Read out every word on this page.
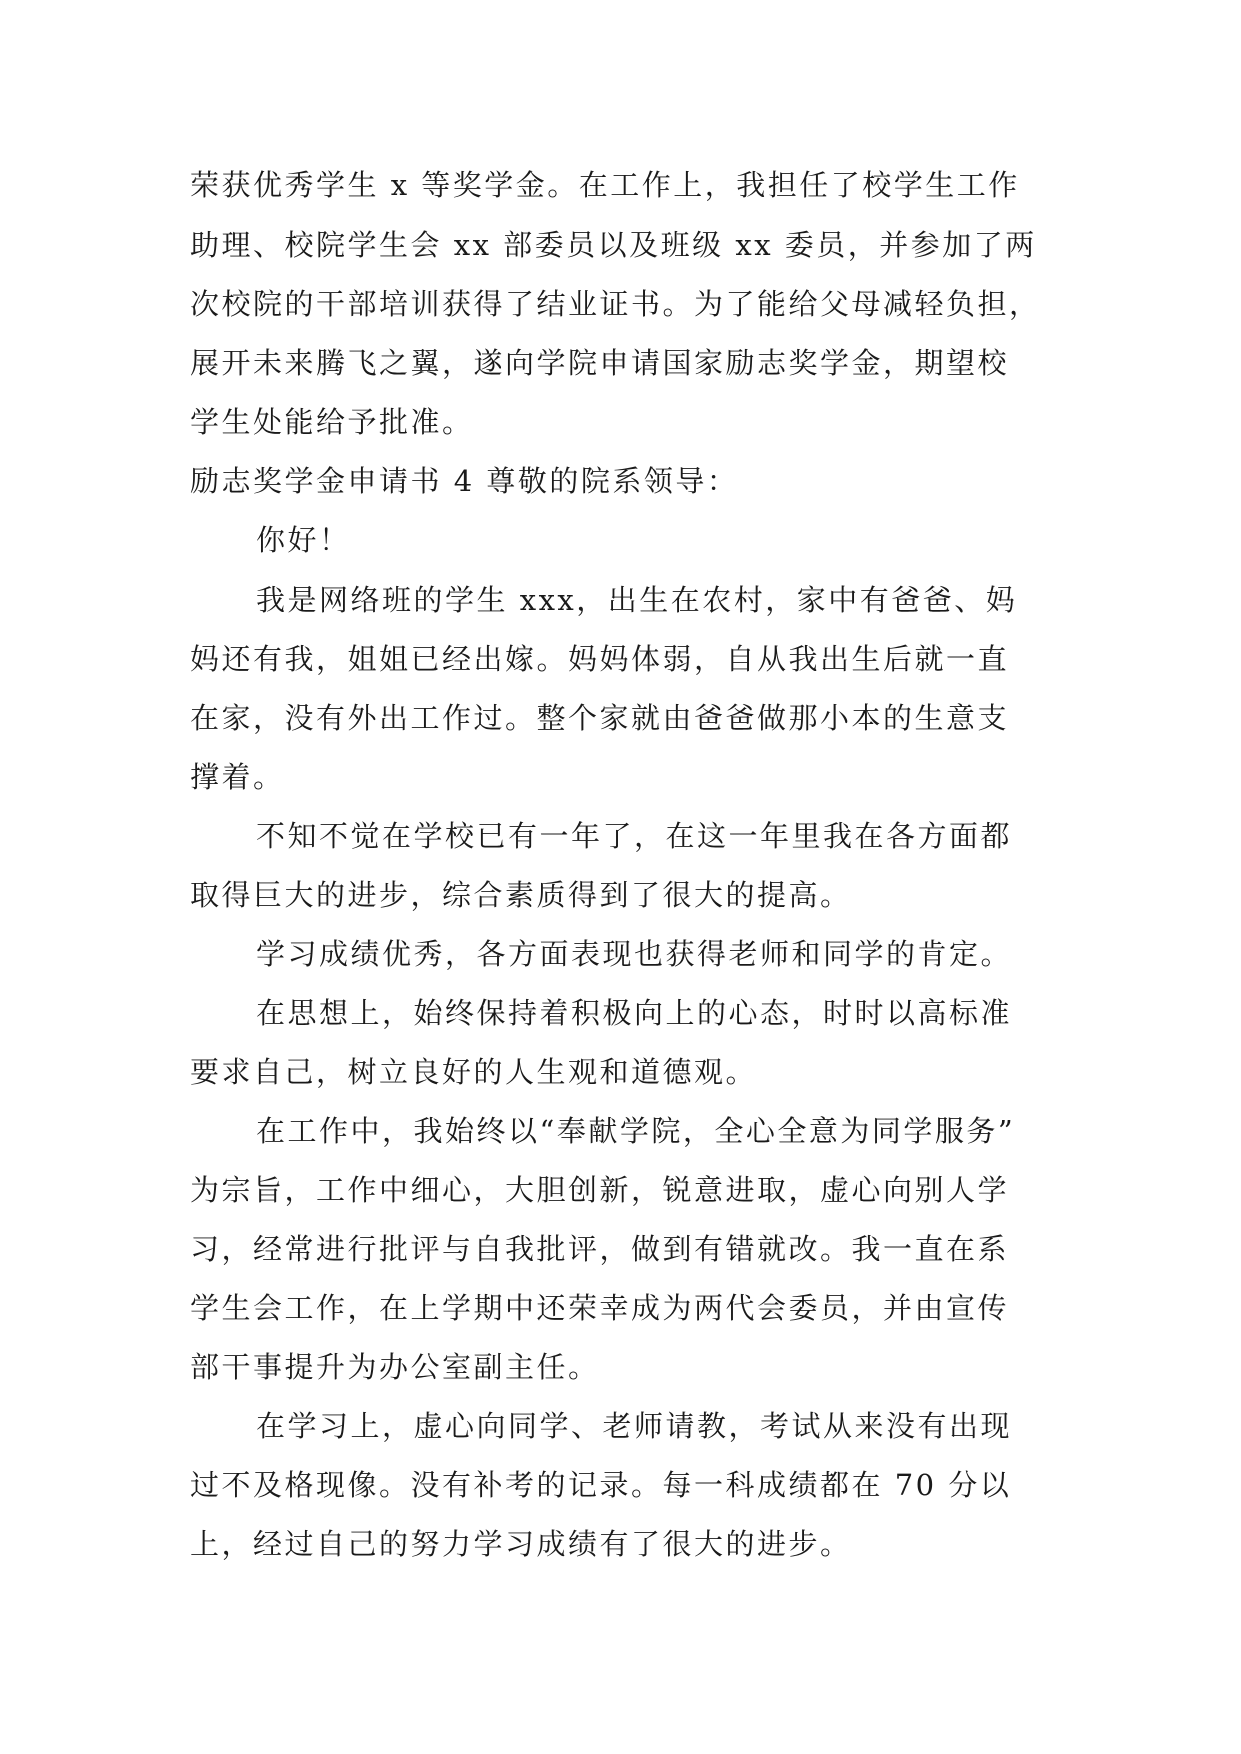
荣获优秀学生 x 等奖学金。在工作上，我担任了校学生工作

助理、校院学生会 xx 部委员以及班级 xx 委员，并参加了两

次校院的干部培训获得了结业证书。为了能给父母减轻负担，

展开未来腾飞之翼，遂向学院申请国家励志奖学金，期望校

学生处能给予批准。

励志奖学金申请书 4 尊敬的院系领导：

你好！

我是网络班的学生 xxx，出生在农村，家中有爸爸、妈

妈还有我，姐姐已经出嫁。妈妈体弱，自从我出生后就一直

在家，没有外出工作过。整个家就由爸爸做那小本的生意支

撑着。

不知不觉在学校已有一年了，在这一年里我在各方面都

取得巨大的进步，综合素质得到了很大的提高。

学习成绩优秀，各方面表现也获得老师和同学的肯定。

在思想上，始终保持着积极向上的心态，时时以高标准

要求自己，树立良好的人生观和道德观。

在工作中，我始终以“奉献学院，全心全意为同学服务”

为宗旨，工作中细心，大胆创新，锐意进取，虚心向别人学

习，经常进行批评与自我批评，做到有错就改。我一直在系

学生会工作，在上学期中还荣幸成为两代会委员，并由宣传

部干事提升为办公室副主任。

在学习上，虚心向同学、老师请教，考试从来没有出现

过不及格现像。没有补考的记录。每一科成绩都在 70 分以

上，经过自己的努力学习成绩有了很大的进步。
